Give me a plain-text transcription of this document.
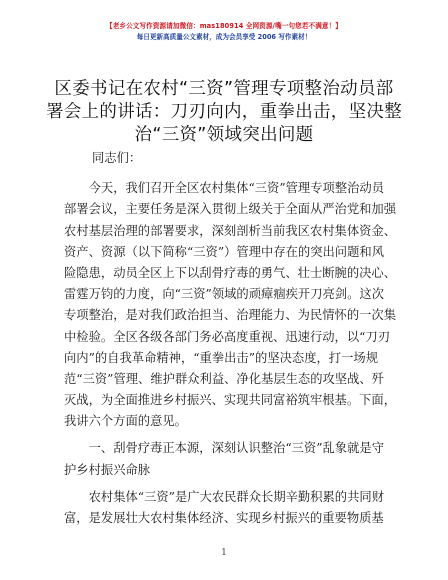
【老乡公文写作资源请加微信：mas180914 全网资源/嘴一句您若不满意！】
每日更新高质量公文素材，成为会员享受 2006 写作素材！
区委书记在农村“三资”管理专项整治动员部
署会上的讲话：刀刃向内，重拳出击，坚决整
治“三资”领域突出问题
同志们：
　　今天，我们召开全区农村集体“三资”管理专项整治动员
部署会议，主要任务是深入贯彻上级关于全面从严治党和加强
农村基层治理的部署要求，深刻剖析当前我区农村集体资金、
资产、资源（以下简称“三资”）管理中存在的突出问题和风
险隐患，动员全区上下以刮骨疗毒的勇气、壮士断腕的决心、
雷霆万钧的力度，向“三资”领域的顽瘴痼疾开刀亮剑。这次
专项整治，是对我们政治担当、治理能力、为民情怀的一次集
中检验。全区各级各部门务必高度重视、迅速行动，以“刀刃
向内”的自我革命精神，“重拳出击”的坚决态度，打一场规
范“三资”管理、维护群众利益、净化基层生态的攻坚战、歼
灭战，为全面推进乡村振兴、实现共同富裕筑牢根基。下面，
我讲六个方面的意见。
　　一、刮骨疗毒正本源，深刻认识整治“三资”乱象就是守
护乡村振兴命脉
　　农村集体“三资”是广大农民群众长期辛勤积累的共同财
富，是发展壮大农村集体经济、实现乡村振兴的重要物质基
1
